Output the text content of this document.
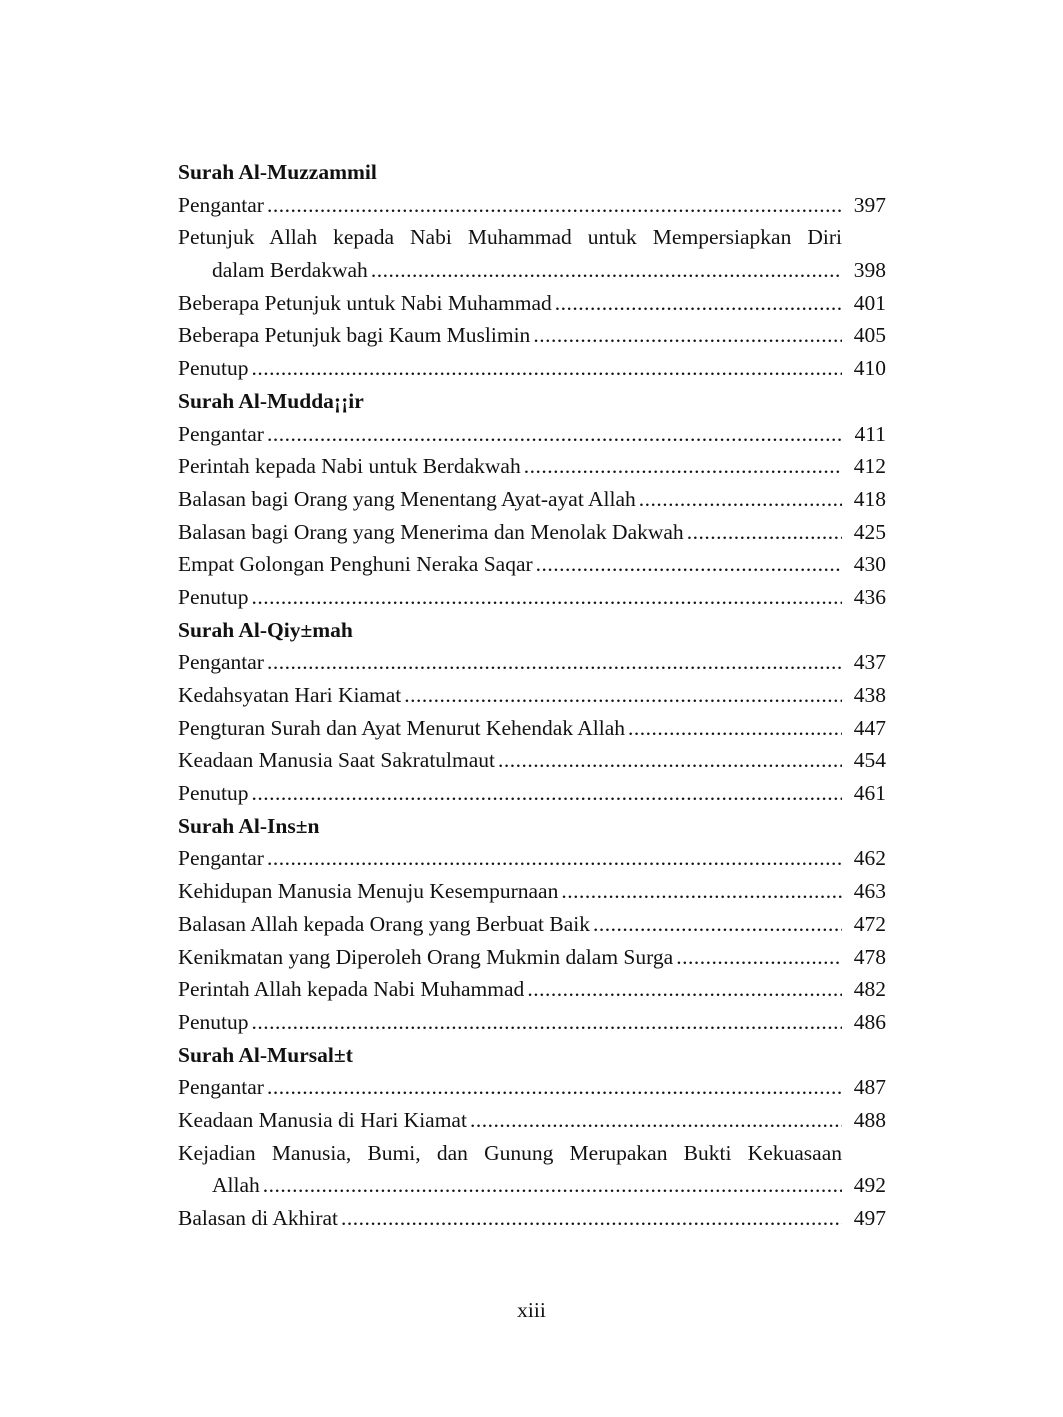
Surah Al-Muzzammil
Pengantar .....	397
Petunjuk Allah kepada Nabi Muhammad untuk Mempersiapkan Diri
dalam Berdakwah .....	398
Beberapa Petunjuk untuk Nabi Muhammad .....	401
Beberapa Petunjuk bagi Kaum Muslimin .....	405
Penutup .....	410
Surah Al-Mudda¡¡ir
Pengantar .....	411
Perintah kepada Nabi untuk Berdakwah .....	412
Balasan bagi Orang yang Menentang Ayat-ayat Allah .....	418
Balasan bagi Orang yang Menerima dan Menolak Dakwah .....	425
Empat Golongan Penghuni Neraka Saqar .....	430
Penutup .....	436
Surah Al-Qiy±mah
Pengantar .....	437
Kedahsyatan Hari Kiamat .....	438
Pengturan Surah dan Ayat Menurut Kehendak Allah .....	447
Keadaan Manusia Saat Sakratulmaut .....	454
Penutup .....	461
Surah Al-Ins±n
Pengantar .....	462
Kehidupan Manusia Menuju Kesempurnaan .....	463
Balasan Allah kepada Orang yang Berbuat Baik .....	472
Kenikmatan yang Diperoleh Orang Mukmin dalam Surga .....	478
Perintah Allah kepada Nabi Muhammad .....	482
Penutup .....	486
Surah Al-Mursal±t
Pengantar .....	487
Keadaan Manusia di Hari Kiamat .....	488
Kejadian Manusia, Bumi, dan Gunung Merupakan Bukti Kekuasaan
Allah .....	492
Balasan di Akhirat .....	497
xiii
